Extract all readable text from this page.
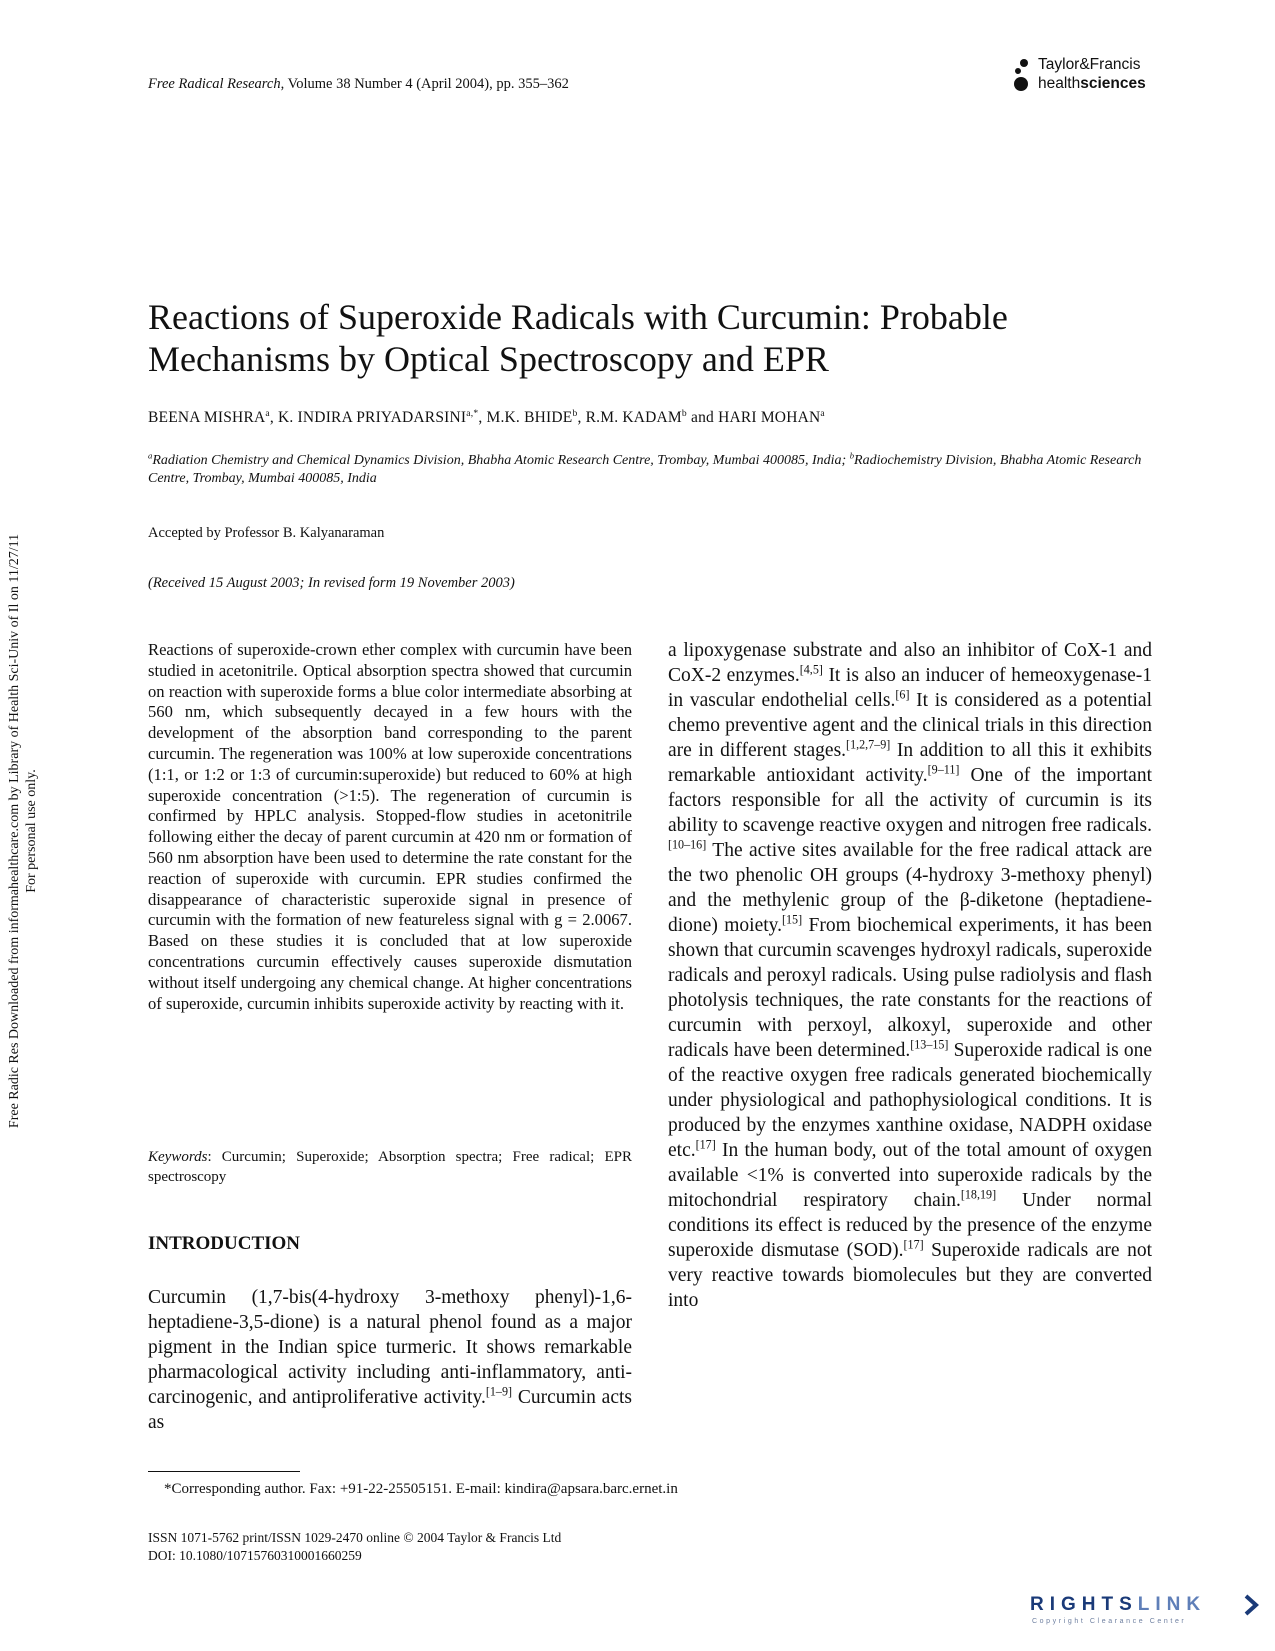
Free Radic Res Downloaded from informahealthcare.com by Library of Health Sci-Univ of Il on 11/27/11 For personal use only.
Free Radical Research, Volume 38 Number 4 (April 2004), pp. 355–362
Taylor&Francis
healthsciences
Reactions of Superoxide Radicals with Curcumin: Probable Mechanisms by Optical Spectroscopy and EPR
BEENA MISHRA$^a$, K. INDIRA $PRIYADARSINI^{a,*}$, M.K. BHIDE$^b$, R.M. KADAM$^b$ and HARI MOHAN$^a$
$^a$Radiation Chemistry and Chemical Dynamics Division, Bhabha Atomic Research Centre, Trombay, Mumbai 400085, India; $^b$Radiochemistry Division, Bhabha Atomic Research Centre, Trombay, Mumbai 400085, India
Accepted by Professor B. Kalyanaraman
(Received 15 August 2003; In revised form 19 November 2003)

Reactions of superoxide-crown ether complex with curcumin have been studied in acetonitrile. Optical absorption spectra showed that curcumin on reaction with superoxide forms a blue color intermediate absorbing at 560 nm, which subsequently decayed in a few hours with the development of the absorption band corresponding to the parent curcumin. The regeneration was 100% at low superoxide concentrations (1:1, or 1:2 or 1:3 of curcumin:superoxide) but reduced to 60% at high superoxide concentration (>1:5). The regeneration of curcumin is confirmed by HPLC analysis. Stopped-flow studies in acetonitrile following either the decay of parent curcumin at 420 nm or formation of 560 nm absorption have been used to determine the rate constant for the reaction of superoxide with curcumin. EPR studies confirmed the disappearance of characteristic superoxide signal in presence of curcumin with the formation of new featureless signal with g = 2.0067. Based on these studies it is concluded that at low superoxide concentrations curcumin effectively causes superoxide dismutation without itself undergoing any chemical change. At higher concentrations of superoxide, curcumin inhibits superoxide activity by reacting with it.

Keywords: Curcumin; Superoxide; Absorption spectra; Free radical; EPR spectroscopy

INTRODUCTION

Curcumin (1,7-bis(4-hydroxy 3-methoxy phenyl)-1,6-heptadiene-3,5-dione) is a natural phenol found as a major pigment in the Indian spice turmeric. It shows remarkable pharmacological activity including anti-inflammatory, anti-carcinogenic, and antiproliferative activity.[1–9] Curcumin acts as

a lipoxygenase substrate and also an inhibitor of CoX-1 and CoX-2 enzymes.[4,5] It is also an inducer of hemeoxygenase-1 in vascular endothelial cells.[6] It is considered as a potential chemo preventive agent and the clinical trials in this direction are in different stages.[1,2,7–9] In addition to all this it exhibits remarkable antioxidant activity.[9–11] One of the important factors responsible for all the activity of curcumin is its ability to scavenge reactive oxygen and nitrogen free radicals.[10–16] The active sites available for the free radical attack are the two phenolic OH groups (4-hydroxy 3-methoxy phenyl) and the methylenic group of the β-diketone (heptadiene-dione) moiety.[15] From biochemical experiments, it has been shown that curcumin scavenges hydroxyl radicals, superoxide radicals and peroxyl radicals. Using pulse radiolysis and flash photolysis techniques, the rate constants for the reactions of curcumin with perxoyl, alkoxyl, superoxide and other radicals have been determined.[13–15] Superoxide radical is one of the reactive oxygen free radicals generated biochemically under physiological and pathophysiological conditions. It is produced by the enzymes xanthine oxidase, NADPH oxidase etc.[17] In the human body, out of the total amount of oxygen available <1% is converted into superoxide radicals by the mitochondrial respiratory chain.[18,19] Under normal conditions its effect is reduced by the presence of the enzyme superoxide dismutase (SOD).[17] Superoxide radicals are not very reactive towards biomolecules but they are converted into

*Corresponding author. Fax: +91-22-25505151. E-mail: kindira@apsara.barc.ernet.in
ISSN 1071-5762 print/ISSN 1029-2470 online © 2004 Taylor & Francis Ltd
DOI: 10.1080/10715760310001660259
RIGHTSLINK
Copyright Clearance Center
